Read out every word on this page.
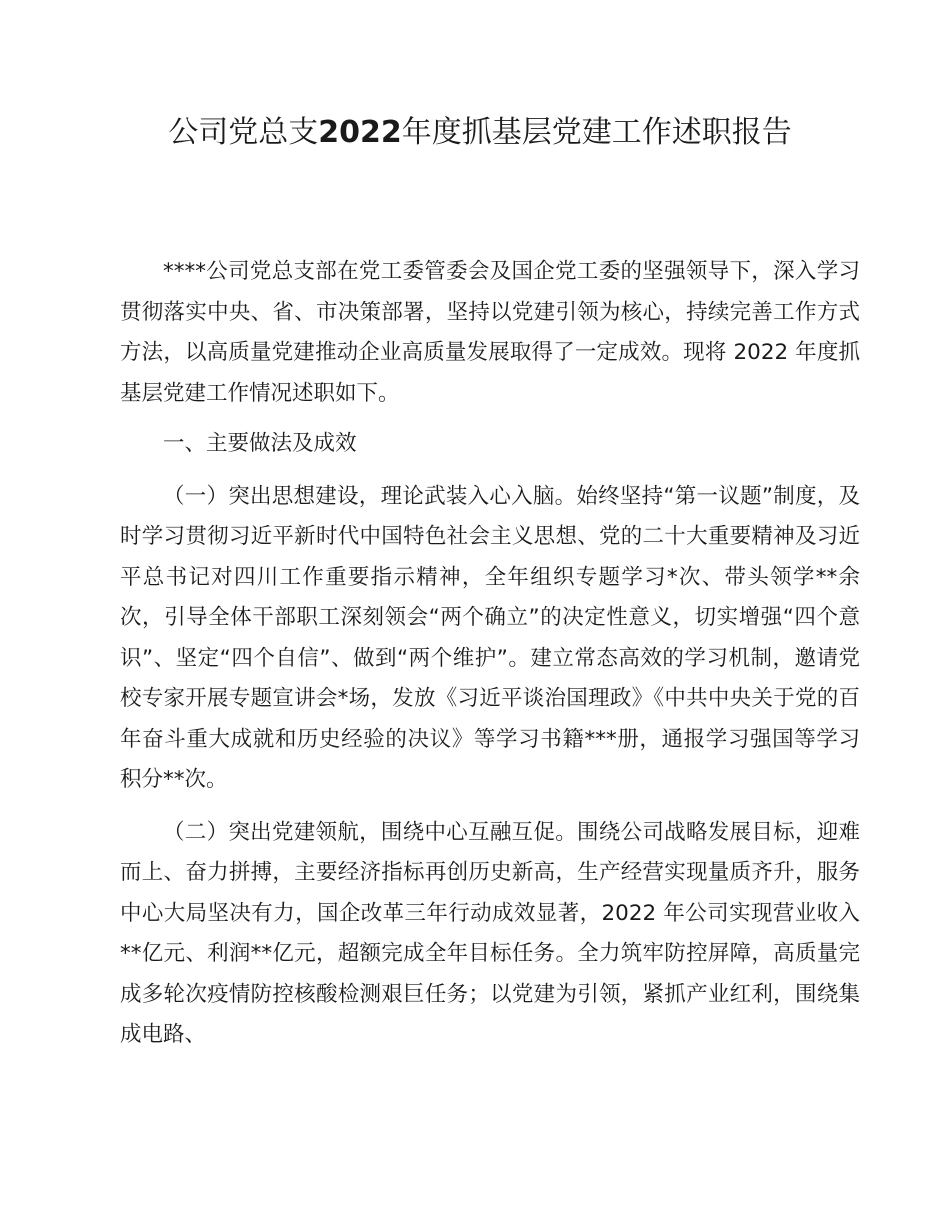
公司党总支2022年度抓基层党建工作述职报告

****公司党总支部在党工委管委会及国企党工委的坚强领导下，深入学习贯彻落实中央、省、市决策部署，坚持以党建引领为核心，持续完善工作方式方法，以高质量党建推动企业高质量发展取得了一定成效。现将 2022 年度抓基层党建工作情况述职如下。

一、主要做法及成效

（一）突出思想建设，理论武装入心入脑。始终坚持“第一议题”制度，及时学习贯彻习近平新时代中国特色社会主义思想、党的二十大重要精神及习近平总书记对四川工作重要指示精神，全年组织专题学习*次、带头领学**余次，引导全体干部职工深刻领会“两个确立”的决定性意义，切实增强“四个意识”、坚定“四个自信”、做到“两个维护”。建立常态高效的学习机制，邀请党校专家开展专题宣讲会*场，发放《习近平谈治国理政》《中共中央关于党的百年奋斗重大成就和历史经验的决议》等学习书籍***册，通报学习强国等学习积分**次。

（二）突出党建领航，围绕中心互融互促。围绕公司战略发展目标，迎难而上、奋力拼搏，主要经济指标再创历史新高，生产经营实现量质齐升，服务中心大局坚决有力，国企改革三年行动成效显著，2022 年公司实现营业收入**亿元、利润**亿元，超额完成全年目标任务。全力筑牢防控屏障，高质量完成多轮次疫情防控核酸检测艰巨任务；以党建为引领，紧抓产业红利，围绕集成电路、
